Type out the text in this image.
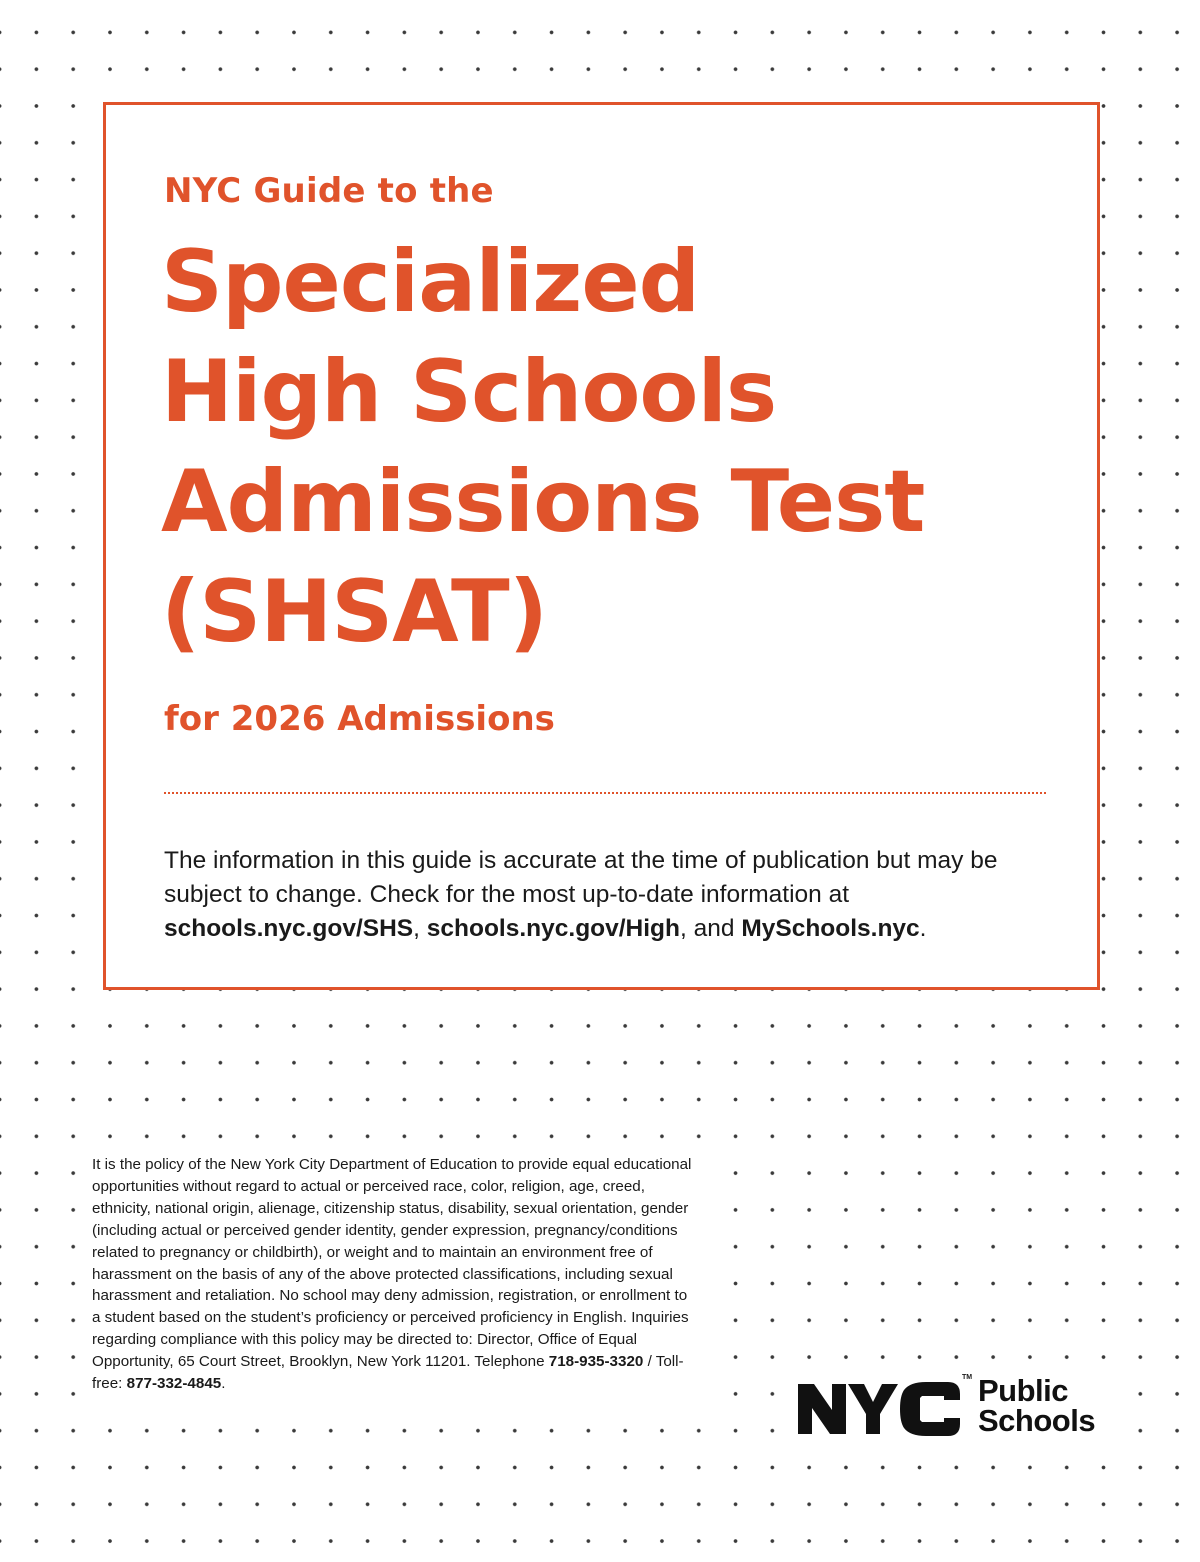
NYC Guide to the

Specialized
High Schools
Admissions Test
(SHSAT)

for 2026 Admissions

The information in this guide is accurate at the time of publication but may be subject to change. Check for the most up-to-date information at schools.nyc.gov/SHS, schools.nyc.gov/High, and MySchools.nyc.

It is the policy of the New York City Department of Education to provide equal educational opportunities without regard to actual or perceived race, color, religion, age, creed, ethnicity, national origin, alienage, citizenship status, disability, sexual orientation, gender (including actual or perceived gender identity, gender expression, pregnancy/conditions related to pregnancy or childbirth), or weight and to maintain an environment free of harassment on the basis of any of the above protected classifications, including sexual harassment and retaliation. No school may deny admission, registration, or enrollment to a student based on the student’s proficiency or perceived proficiency in English. Inquiries regarding compliance with this policy may be directed to: Director, Office of Equal Opportunity, 65 Court Street, Brooklyn, New York 11201. Telephone 718-935-3320 / Toll-free: 877-332-4845.	TM Public
Schools
